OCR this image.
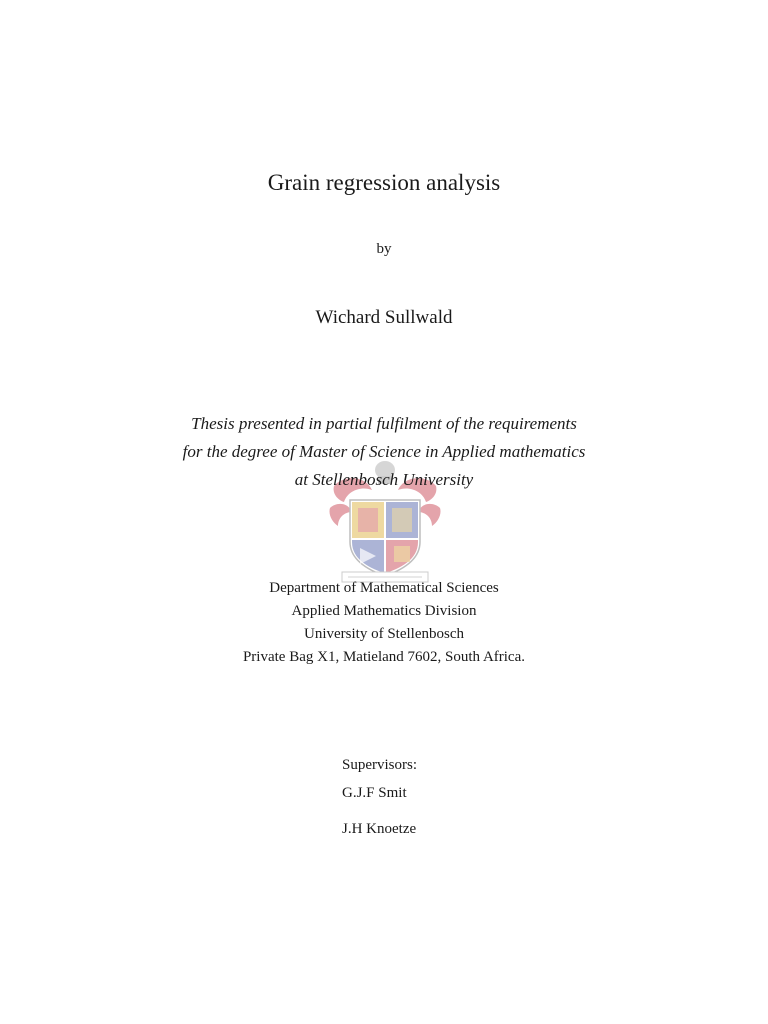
Grain regression analysis
by
Wichard Sullwald
Thesis presented in partial fulfilment of the requirements
for the degree of Master of Science in Applied mathematics
at Stellenbosch University
Department of Mathematical Sciences
Applied Mathematics Division
University of Stellenbosch
Private Bag X1, Matieland 7602, South Africa.
Supervisors:
G.J.F Smit
J.H Knoetze
